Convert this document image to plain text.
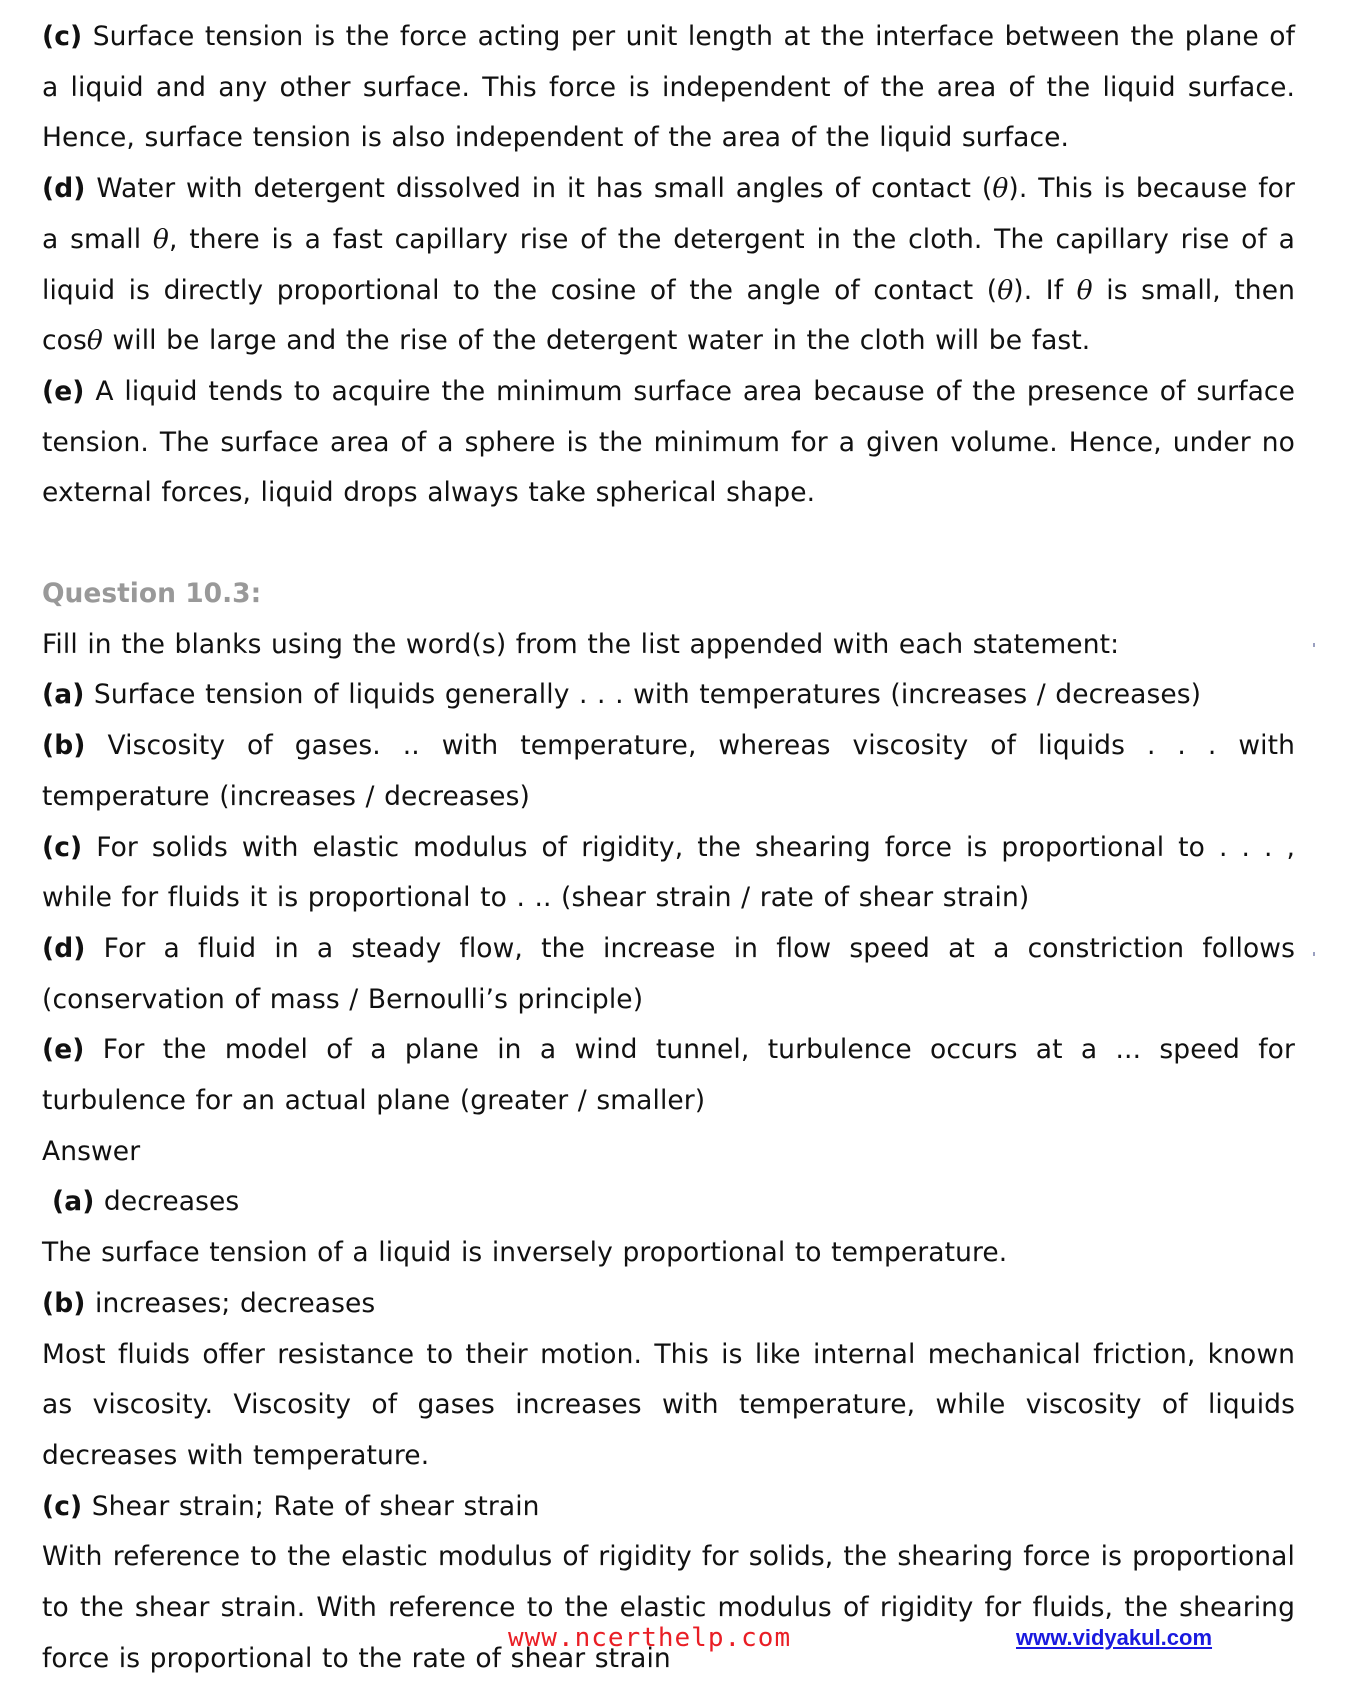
(c) Surface tension is the force acting per unit length at the interface between the plane of a liquid and any other surface. This force is independent of the area of the liquid surface. Hence, surface tension is also independent of the area of the liquid surface.

(d) Water with detergent dissolved in it has small angles of contact (θ). This is because for a small θ, there is a fast capillary rise of the detergent in the cloth. The capillary rise of a liquid is directly proportional to the cosine of the angle of contact (θ). If θ is small, then cosθ will be large and the rise of the detergent water in the cloth will be fast.

(e) A liquid tends to acquire the minimum surface area because of the presence of surface tension. The surface area of a sphere is the minimum for a given volume. Hence, under no external forces, liquid drops always take spherical shape.

Question 10.3:

Fill in the blanks using the word(s) from the list appended with each statement:

(a) Surface tension of liquids generally . . . with temperatures (increases / decreases)

(b) Viscosity of gases. .. with temperature, whereas viscosity of liquids . . . with temperature (increases / decreases)

(c) For solids with elastic modulus of rigidity, the shearing force is proportional to . . . , while for fluids it is proportional to . .. (shear strain / rate of shear strain)

(d) For a fluid in a steady flow, the increase in flow speed at a constriction follows (conservation of mass / Bernoulli’s principle)

(e) For the model of a plane in a wind tunnel, turbulence occurs at a ... speed for turbulence for an actual plane (greater / smaller)

Answer

(a) decreases

The surface tension of a liquid is inversely proportional to temperature.

(b) increases; decreases

Most fluids offer resistance to their motion. This is like internal mechanical friction, known as viscosity. Viscosity of gases increases with temperature, while viscosity of liquids decreases with temperature.

(c) Shear strain; Rate of shear strain

With reference to the elastic modulus of rigidity for solids, the shearing force is proportional to the shear strain. With reference to the elastic modulus of rigidity for fluids, the shearing force is proportional to the rate of shear strain

www.ncerthelp.com	www.vidyakul.com
